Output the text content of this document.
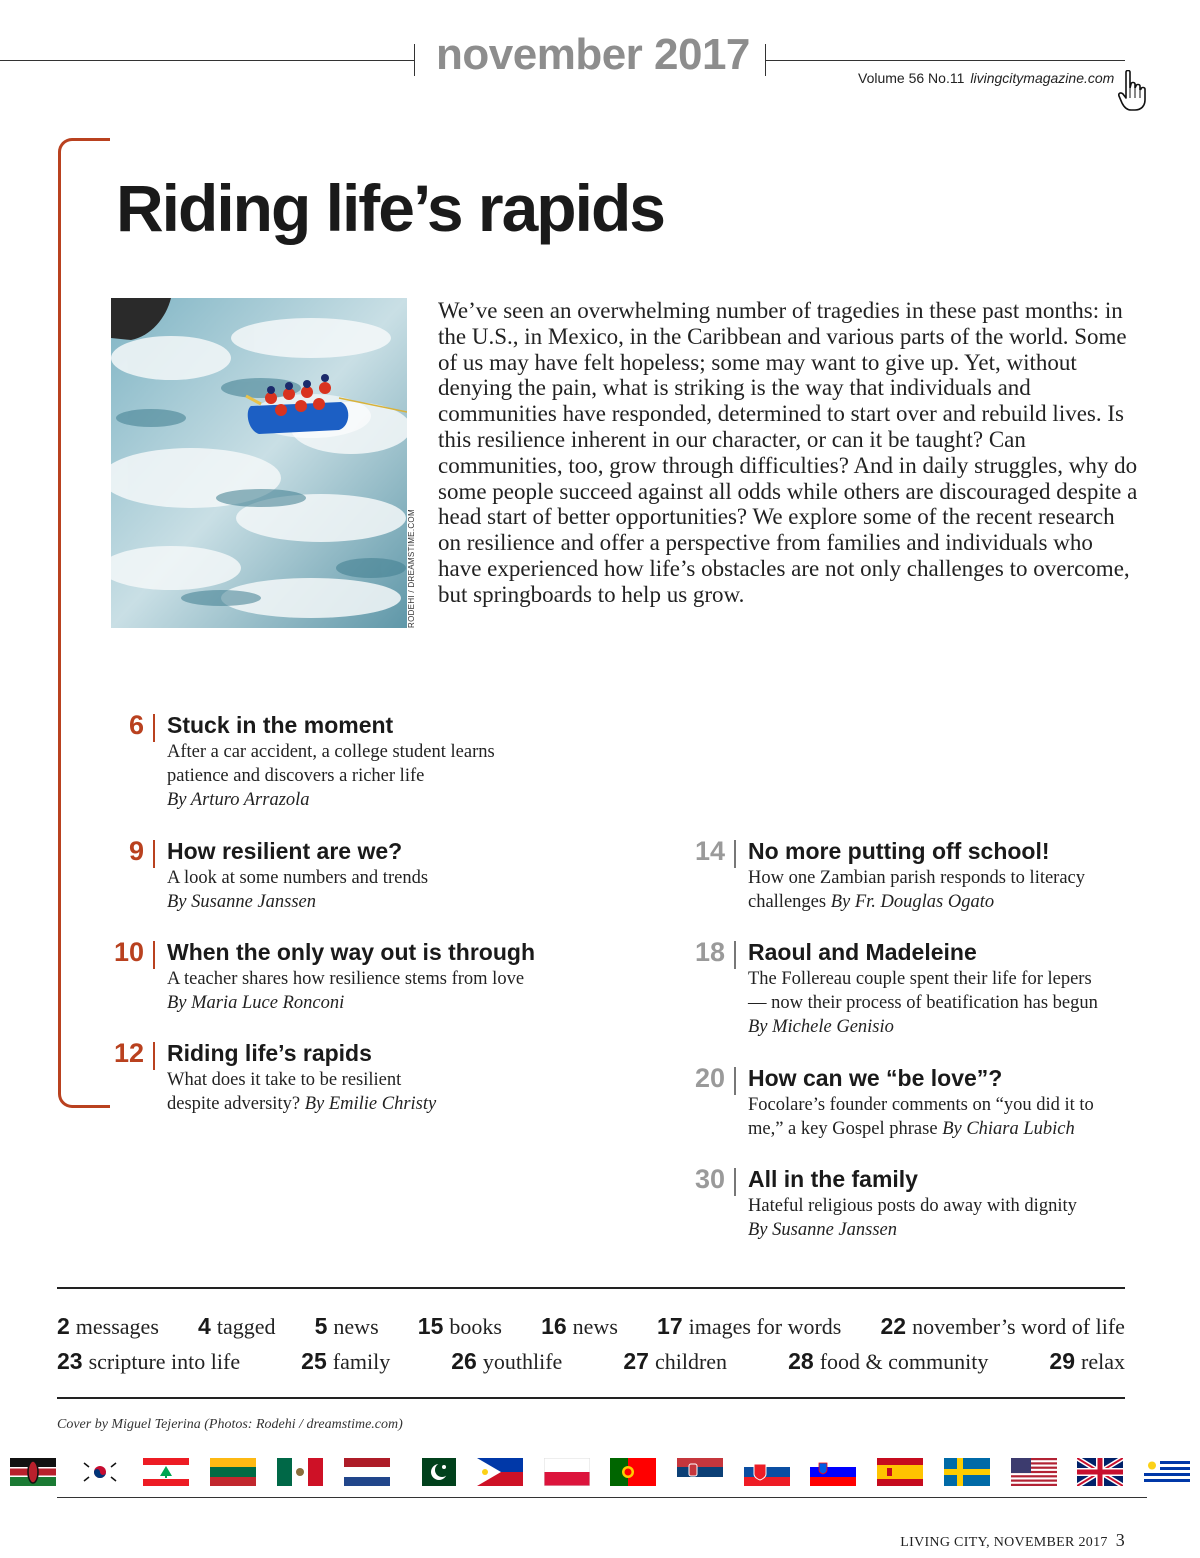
november 2017	Volume 56 No.11 livingcitymagazine.com
Riding life’s rapids
RODEHI / DREAMSTIME.COM
We’ve seen an overwhelming number of tragedies in these past months: in the U.S., in Mexico, in the Caribbean and various parts of the world. Some of us may have felt hopeless; some may want to give up. Yet, without denying the pain, what is striking is the way that individuals and communities have responded, determined to start over and rebuild lives. Is this resilience inherent in our character, or can it be taught? Can communities, too, grow through difficulties? And in daily struggles, why do some people succeed against all odds while others are discouraged despite a head start of better opportunities? We explore some of the recent research on resilience and offer a perspective from families and individuals who have experienced how life’s obstacles are not only challenges to overcome, but springboards to help us grow.
6 Stuck in the moment
After a car accident, a college student learns
patience and discovers a richer life
By Arturo Arrazola
9 How resilient are we?
A look at some numbers and trends
By Susanne Janssen
10 When the only way out is through
A teacher shares how resilience stems from love
By Maria Luce Ronconi
12 Riding life’s rapids
What does it take to be resilient
despite adversity? By Emilie Christy
14 No more putting off school!
How one Zambian parish responds to literacy
challenges By Fr. Douglas Ogato
18 Raoul and Madeleine
The Follereau couple spent their life for lepers
— now their process of beatification has begun
By Michele Genisio
20 How can we “be love”?
Focolare’s founder comments on “you did it to
me,” a key Gospel phrase By Chiara Lubich
30 All in the family
Hateful religious posts do away with dignity
By Susanne Janssen
2 messages 4 tagged 5 news 15 books 16 news 17 images for words 22 november’s word of life
23 scripture into life	25 family	26 youthlife	27 children	28 food & community	29 relax
Cover by Miguel Tejerina (Photos: Rodehi / dreamstime.com)
LIVING CITY, NOVEMBER 2017 3
